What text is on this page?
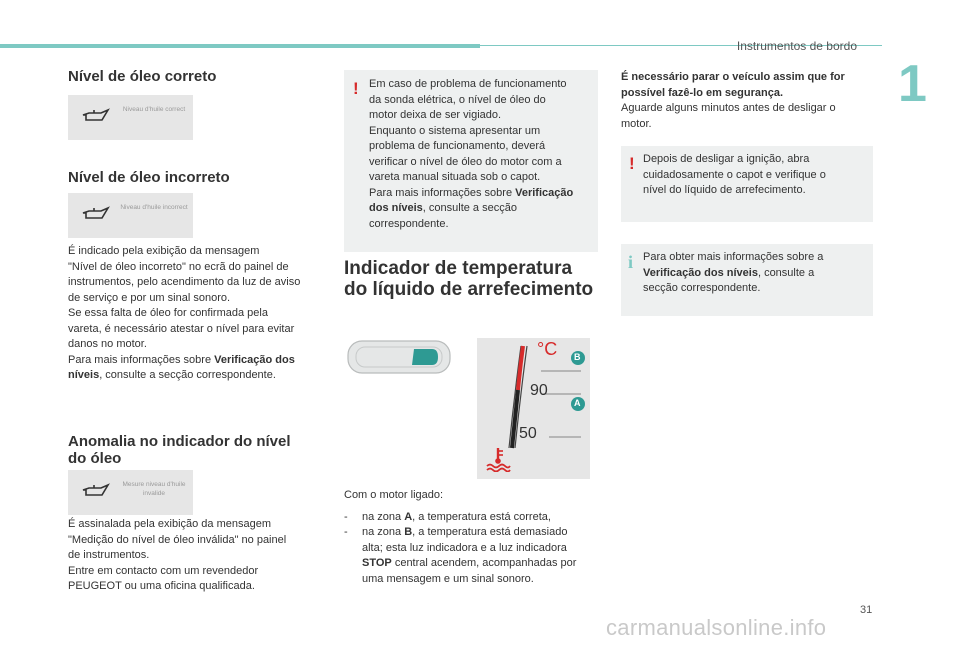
Instrumentos de bordo
1
Nível de óleo correto
Niveau d'huile correct
Nível de óleo incorreto
Niveau d'huile incorrect
É indicado pela exibição da mensagem
"Nível de óleo incorreto" no ecrã do painel de
instrumentos, pelo acendimento da luz de aviso
de serviço e por um sinal sonoro.
Se essa falta de óleo for confirmada pela
vareta, é necessário atestar o nível para evitar
danos no motor.
Para mais informações sobre Verificação dos
níveis, consulte a secção correspondente.
Anomalia no indicador do nível
do óleo
Mesure niveau d'huile invalide
É assinalada pela exibição da mensagem
"Medição do nível de óleo inválida" no painel
de instrumentos.
Entre em contacto com um revendedor
PEUGEOT ou uma oficina qualificada.
! Em caso de problema de funcionamento
da sonda elétrica, o nível de óleo do
motor deixa de ser vigiado.
Enquanto o sistema apresentar um
problema de funcionamento, deverá
verificar o nível de óleo do motor com a
vareta manual situada sob o capot.
Para mais informações sobre Verificação
dos níveis, consulte a secção
correspondente.
Indicador de temperatura
do líquido de arrefecimento
°C
90
50
B
A
Com o motor ligado:
- na zona A, a temperatura está correta,
- na zona B, a temperatura está demasiado
alta; esta luz indicadora e a luz indicadora
STOP central acendem, acompanhadas por
uma mensagem e um sinal sonoro.
É necessário parar o veículo assim que for
possível fazê-lo em segurança.
Aguarde alguns minutos antes de desligar o
motor.
! Depois de desligar a ignição, abra
cuidadosamente o capot e verifique o
nível do líquido de arrefecimento.
i Para obter mais informações sobre a
Verificação dos níveis, consulte a
secção correspondente.
31
carmanualsonline.info
